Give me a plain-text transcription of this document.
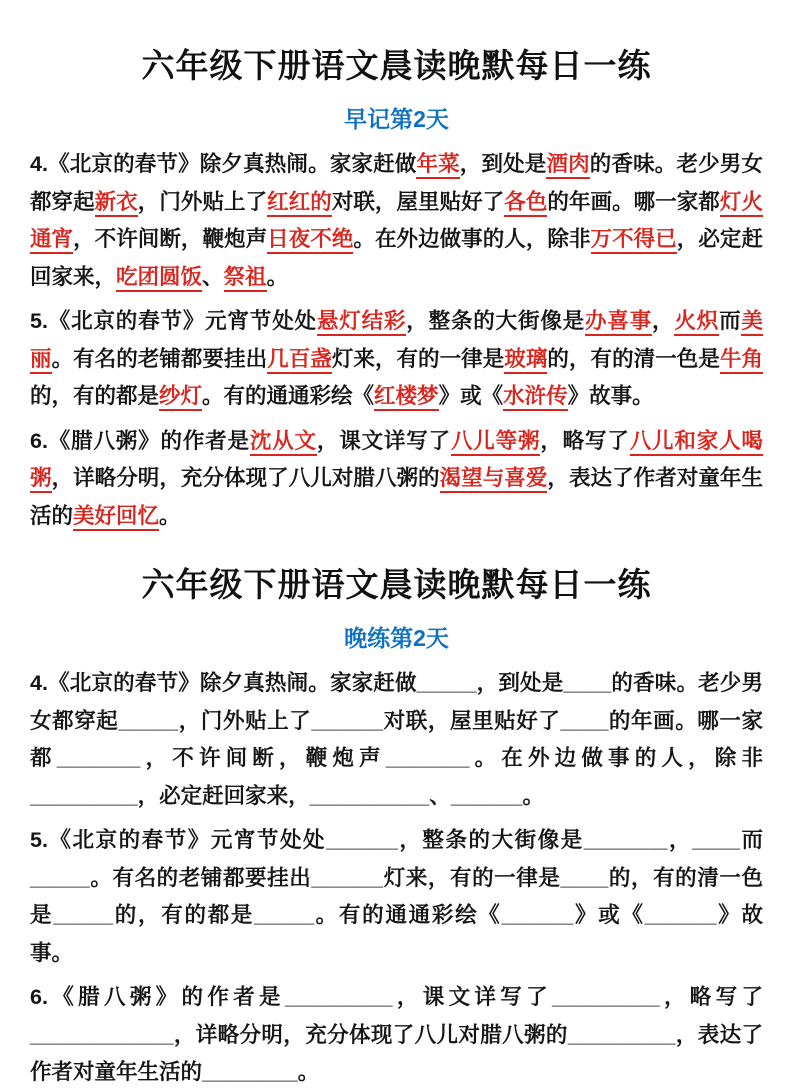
六年级下册语文晨读晚默每日一练
早记第2天

4.《北京的春节》除夕真热闹。家家赶做年菜，到处是酒肉的香味。老少男女都穿起新衣，门外贴上了红红的对联，屋里贴好了各色的年画。哪一家都灯火通宵，不许间断，鞭炮声日夜不绝。在外边做事的人，除非万不得已，必定赶回家来，吃团圆饭、祭祖。

5.《北京的春节》元宵节处处悬灯结彩，整条的大街像是办喜事，火炽而美丽。有名的老铺都要挂出几百盏灯来，有的一律是玻璃的，有的清一色是牛角的，有的都是纱灯。有的通通彩绘《红楼梦》或《水浒传》故事。

6.《腊八粥》的作者是沈从文，课文详写了八儿等粥，略写了八儿和家人喝粥，详略分明，充分体现了八儿对腊八粥的渴望与喜爱，表达了作者对童年生活的美好回忆。

六年级下册语文晨读晚默每日一练
晚练第2天

4.《北京的春节》除夕真热闹。家家赶做_____，到处是____的香味。老少男女都穿起_____，门外贴上了______对联，屋里贴好了____的年画。哪一家都_______，不许间断，鞭炮声_______。在外边做事的人，除非_________，必定赶回家来，__________、______。

5.《北京的春节》元宵节处处______，整条的大街像是_______，____而_____。有名的老铺都要挂出______灯来，有的一律是____的，有的清一色是_____的，有的都是_____。有的通通彩绘《______》或《______》故事。

6.《腊八粥》的作者是_________，课文详写了_________，略写了____________，详略分明，充分体现了八儿对腊八粥的_________，表达了作者对童年生活的________。
